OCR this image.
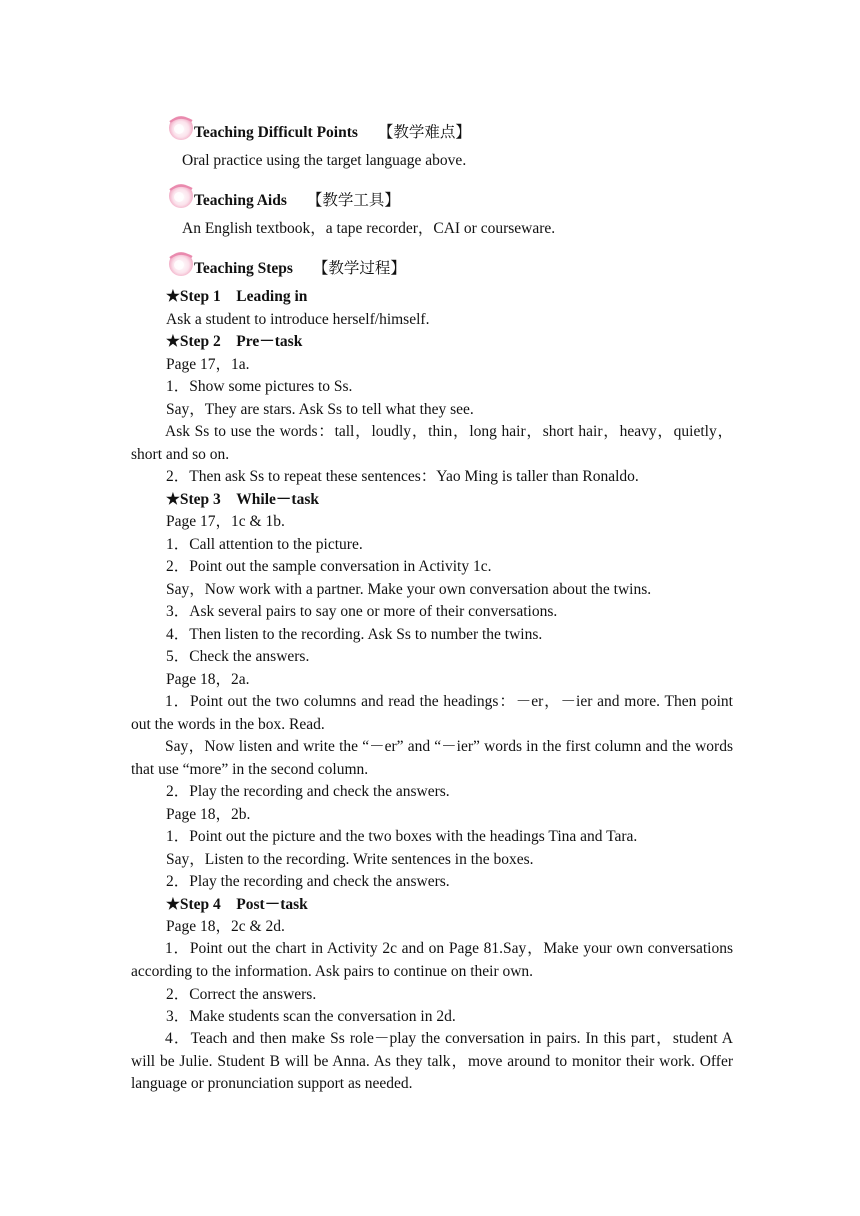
Teaching Difficult Points 【教学难点】
Oral practice using the target language above.
Teaching Aids 【教学工具】
An English textbook，a tape recorder，CAI or courseware.
Teaching Steps 【教学过程】
★Step 1 Leading in
Ask a student to introduce herself/himself.
★Step 2 Pre－task
Page 17，1a.
1．Show some pictures to Ss.
Say，They are stars. Ask Ss to tell what they see.
Ask Ss to use the words：tall，loudly，thin，long hair，short hair，heavy，quietly，short and so on.
2．Then ask Ss to repeat these sentences：Yao Ming is taller than Ronaldo.
★Step 3 While－task
Page 17，1c & 1b.
1．Call attention to the picture.
2．Point out the sample conversation in Activity 1c.
Say，Now work with a partner. Make your own conversation about the twins.
3．Ask several pairs to say one or more of their conversations.
4．Then listen to the recording. Ask Ss to number the twins.
5．Check the answers.
Page 18，2a.
1．Point out the two columns and read the headings：－er，－ier and more. Then point out the words in the box. Read.
Say，Now listen and write the “－er” and “－ier” words in the first column and the words that use “more” in the second column.
2．Play the recording and check the answers.
Page 18，2b.
1．Point out the picture and the two boxes with the headings Tina and Tara.
Say，Listen to the recording. Write sentences in the boxes.
2．Play the recording and check the answers.
★Step 4 Post－task
Page 18，2c & 2d.
1．Point out the chart in Activity 2c and on Page 81.Say，Make your own conversations according to the information. Ask pairs to continue on their own.
2．Correct the answers.
3．Make students scan the conversation in 2d.
4．Teach and then make Ss role－play the conversation in pairs. In this part，student A will be Julie. Student B will be Anna. As they talk，move around to monitor their work. Offer language or pronunciation support as needed.
